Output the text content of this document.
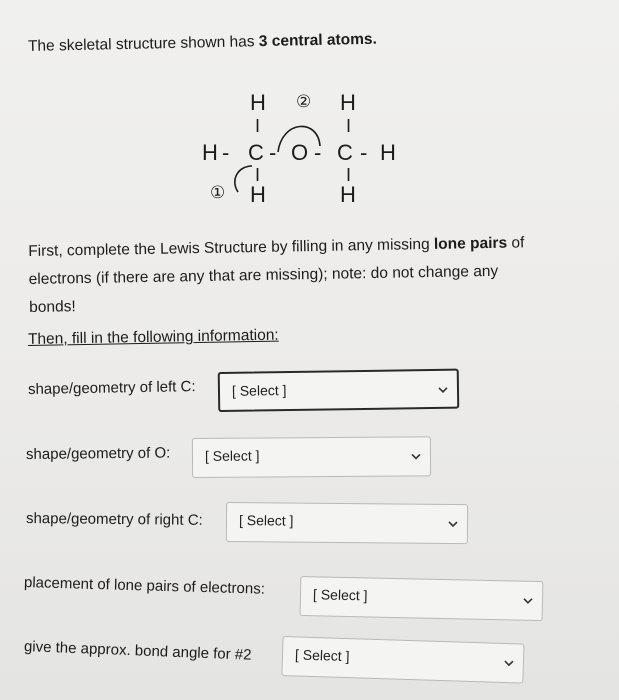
The skeletal structure shown has 3 central atoms.
H ② H
I	I
H - C - O - C - H
I	I
① H	H
First, complete the Lewis Structure by filling in any missing lone pairs of
electrons (if there are any that are missing); note: do not change any
bonds!
Then, fill in the following information:
shape/geometry of left C:	[ Select ]
shape/geometry of O: [ Select ]
shape/geometry of right C:	[ Select ]
placement of lone pairs of electrons:	[ Select ]
give the approx. bond angle for #2	[ Select ]
